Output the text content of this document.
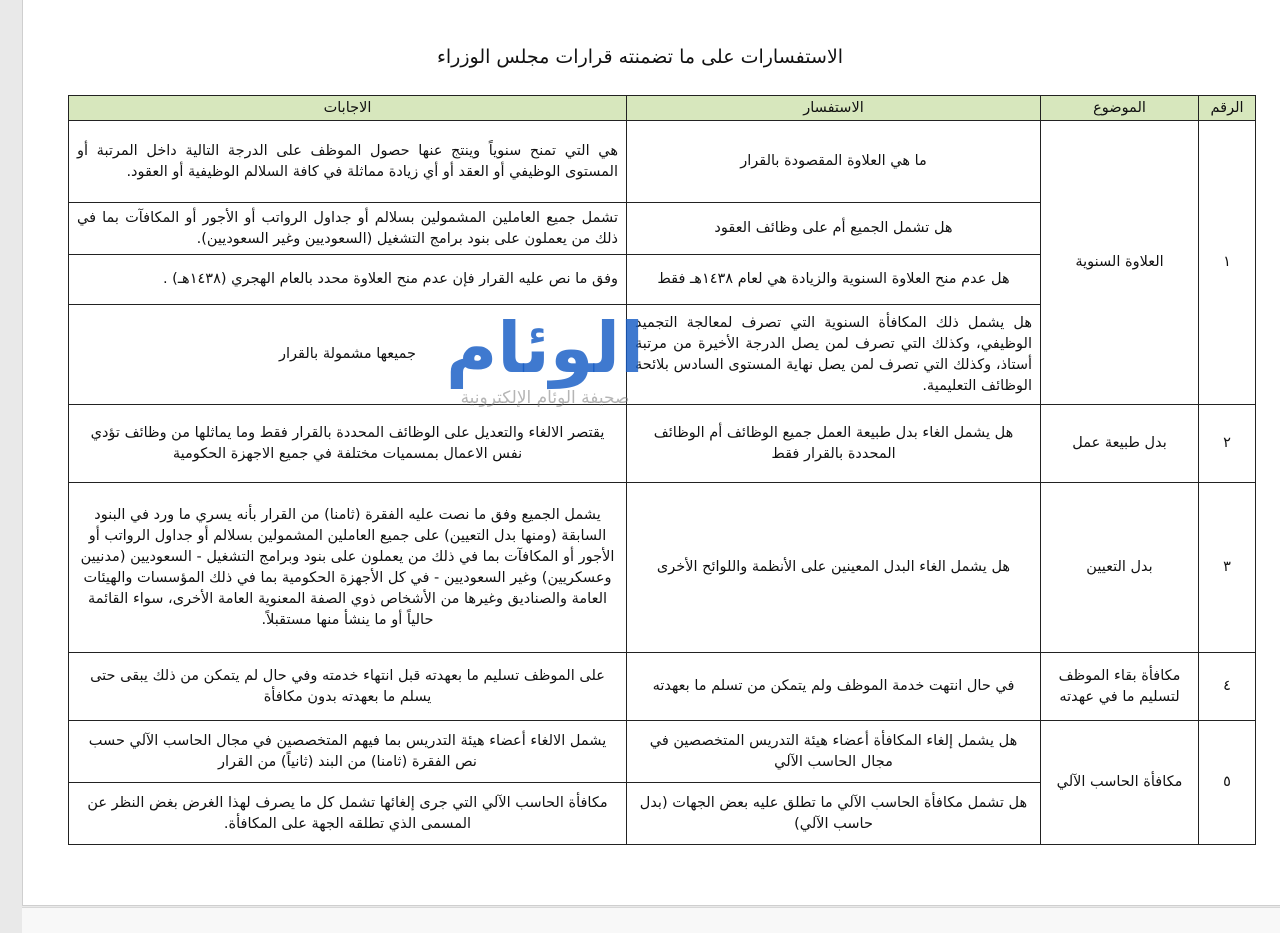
الاستفسارات على ما تضمنته قرارات مجلس الوزراء
الرقم	الموضوع	الاستفسار	الاجابات
١	العلاوة السنوية	ما هي العلاوة المقصودة بالقرار	هي التي تمنح سنوياً وينتج عنها حصول الموظف على الدرجة التالية داخل المرتبة أو المستوى الوظيفي أو العقد أو أي زيادة مماثلة في كافة السلالم الوظيفية أو العقود.
		هل تشمل الجميع أم على وظائف العقود	تشمل جميع العاملين المشمولين بسلالم أو جداول الرواتب أو الأجور أو المكافآت بما في ذلك من يعملون على بنود برامج التشغيل (السعوديين وغير السعوديين).
		هل عدم منح العلاوة السنوية والزيادة هي لعام ١٤٣٨هـ فقط	وفق ما نص عليه القرار فإن عدم منح العلاوة محدد بالعام الهجري (١٤٣٨هـ) .
		هل يشمل ذلك المكافأة السنوية التي تصرف لمعالجة التجميد الوظيفي، وكذلك التي تصرف لمن يصل الدرجة الأخيرة من مرتبة أستاذ، وكذلك التي تصرف لمن يصل نهاية المستوى السادس بلائحة الوظائف التعليمية.	جميعها مشمولة بالقرار
٢	بدل طبيعة عمل	هل يشمل الغاء بدل طبيعة العمل جميع الوظائف أم الوظائف المحددة بالقرار فقط	يقتصر الالغاء والتعديل على الوظائف المحددة بالقرار فقط وما يماثلها من وظائف تؤدي نفس الاعمال بمسميات مختلفة في جميع الاجهزة الحكومية
٣	بدل التعيين	هل يشمل الغاء البدل المعينين على الأنظمة واللوائح الأخرى	يشمل الجميع وفق ما نصت عليه الفقرة (ثامنا) من القرار بأنه يسري ما ورد في البنود السابقة (ومنها بدل التعيين) على جميع العاملين المشمولين بسلالم أو جداول الرواتب أو الأجور أو المكافآت بما في ذلك من يعملون على بنود وبرامج التشغيل - السعوديين (مدنيين وعسكريين) وغير السعوديين - في كل الأجهزة الحكومية بما في ذلك المؤسسات والهيئات العامة والصناديق وغيرها من الأشخاص ذوي الصفة المعنوية العامة الأخرى، سواء القائمة حالياً أو ما ينشأ منها مستقبلاً.
٤	مكافأة بقاء الموظف لتسليم ما في عهدته	في حال انتهت خدمة الموظف ولم يتمكن من تسلم ما بعهدته	على الموظف تسليم ما بعهدته قبل انتهاء خدمته وفي حال لم يتمكن من ذلك يبقى حتى يسلم ما بعهدته بدون مكافأة
٥	مكافأة الحاسب الآلي	هل يشمل إلغاء المكافأة أعضاء هيئة التدريس المتخصصين في مجال الحاسب الآلي	يشمل الالغاء أعضاء هيئة التدريس بما فيهم المتخصصين في مجال الحاسب الآلي حسب نص الفقرة (ثامنا) من البند (ثانياً) من القرار
		هل تشمل مكافأة الحاسب الآلي ما تطلق عليه بعض الجهات (بدل حاسب الآلي)	مكافأة الحاسب الآلي التي جرى إلغائها تشمل كل ما يصرف لهذا الغرض بغض النظر عن المسمى الذي تطلقه الجهة على المكافأة.
الوئام
صحيفة الوئام الإلكترونية
